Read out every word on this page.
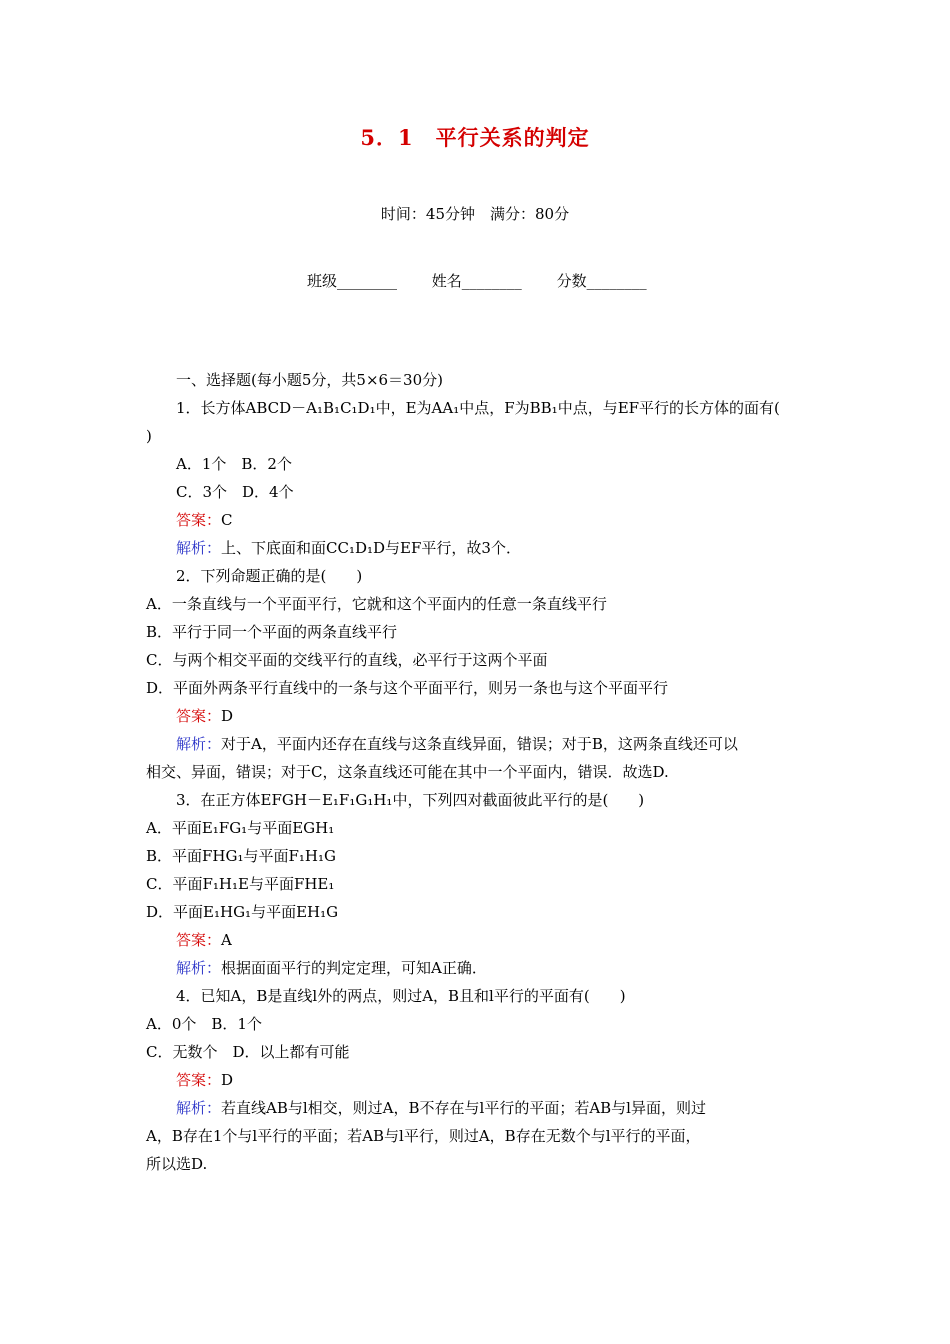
5．1　平行关系的判定
时间：45分钟　满分：80分
班级________ 姓名________ 分数________
一、选择题(每小题5分，共5×6＝30分)
1．长方体ABCD－A₁B₁C₁D₁中，E为AA₁中点，F为BB₁中点，与EF平行的长方体的面有(
)
A．1个　B．2个
C．3个　D．4个
答案：C
解析：上、下底面和面CC₁D₁D与EF平行，故3个．
2．下列命题正确的是(　　)
A．一条直线与一个平面平行，它就和这个平面内的任意一条直线平行
B．平行于同一个平面的两条直线平行
C．与两个相交平面的交线平行的直线，必平行于这两个平面
D．平面外两条平行直线中的一条与这个平面平行，则另一条也与这个平面平行
答案：D
解析：对于A，平面内还存在直线与这条直线异面，错误；对于B，这两条直线还可以
相交、异面，错误；对于C，这条直线还可能在其中一个平面内，错误．故选D.
3．在正方体EFGH－E₁F₁G₁H₁中，下列四对截面彼此平行的是(　　)
A．平面E₁FG₁与平面EGH₁
B．平面FHG₁与平面F₁H₁G
C．平面F₁H₁E与平面FHE₁
D．平面E₁HG₁与平面EH₁G
答案：A
解析：根据面面平行的判定定理，可知A正确．
4．已知A，B是直线l外的两点，则过A，B且和l平行的平面有(　　)
A．0个　B．1个
C．无数个　D．以上都有可能
答案：D
解析：若直线AB与l相交，则过A，B不存在与l平行的平面；若AB与l异面，则过
A，B存在1个与l平行的平面；若AB与l平行，则过A，B存在无数个与l平行的平面，
所以选D.
